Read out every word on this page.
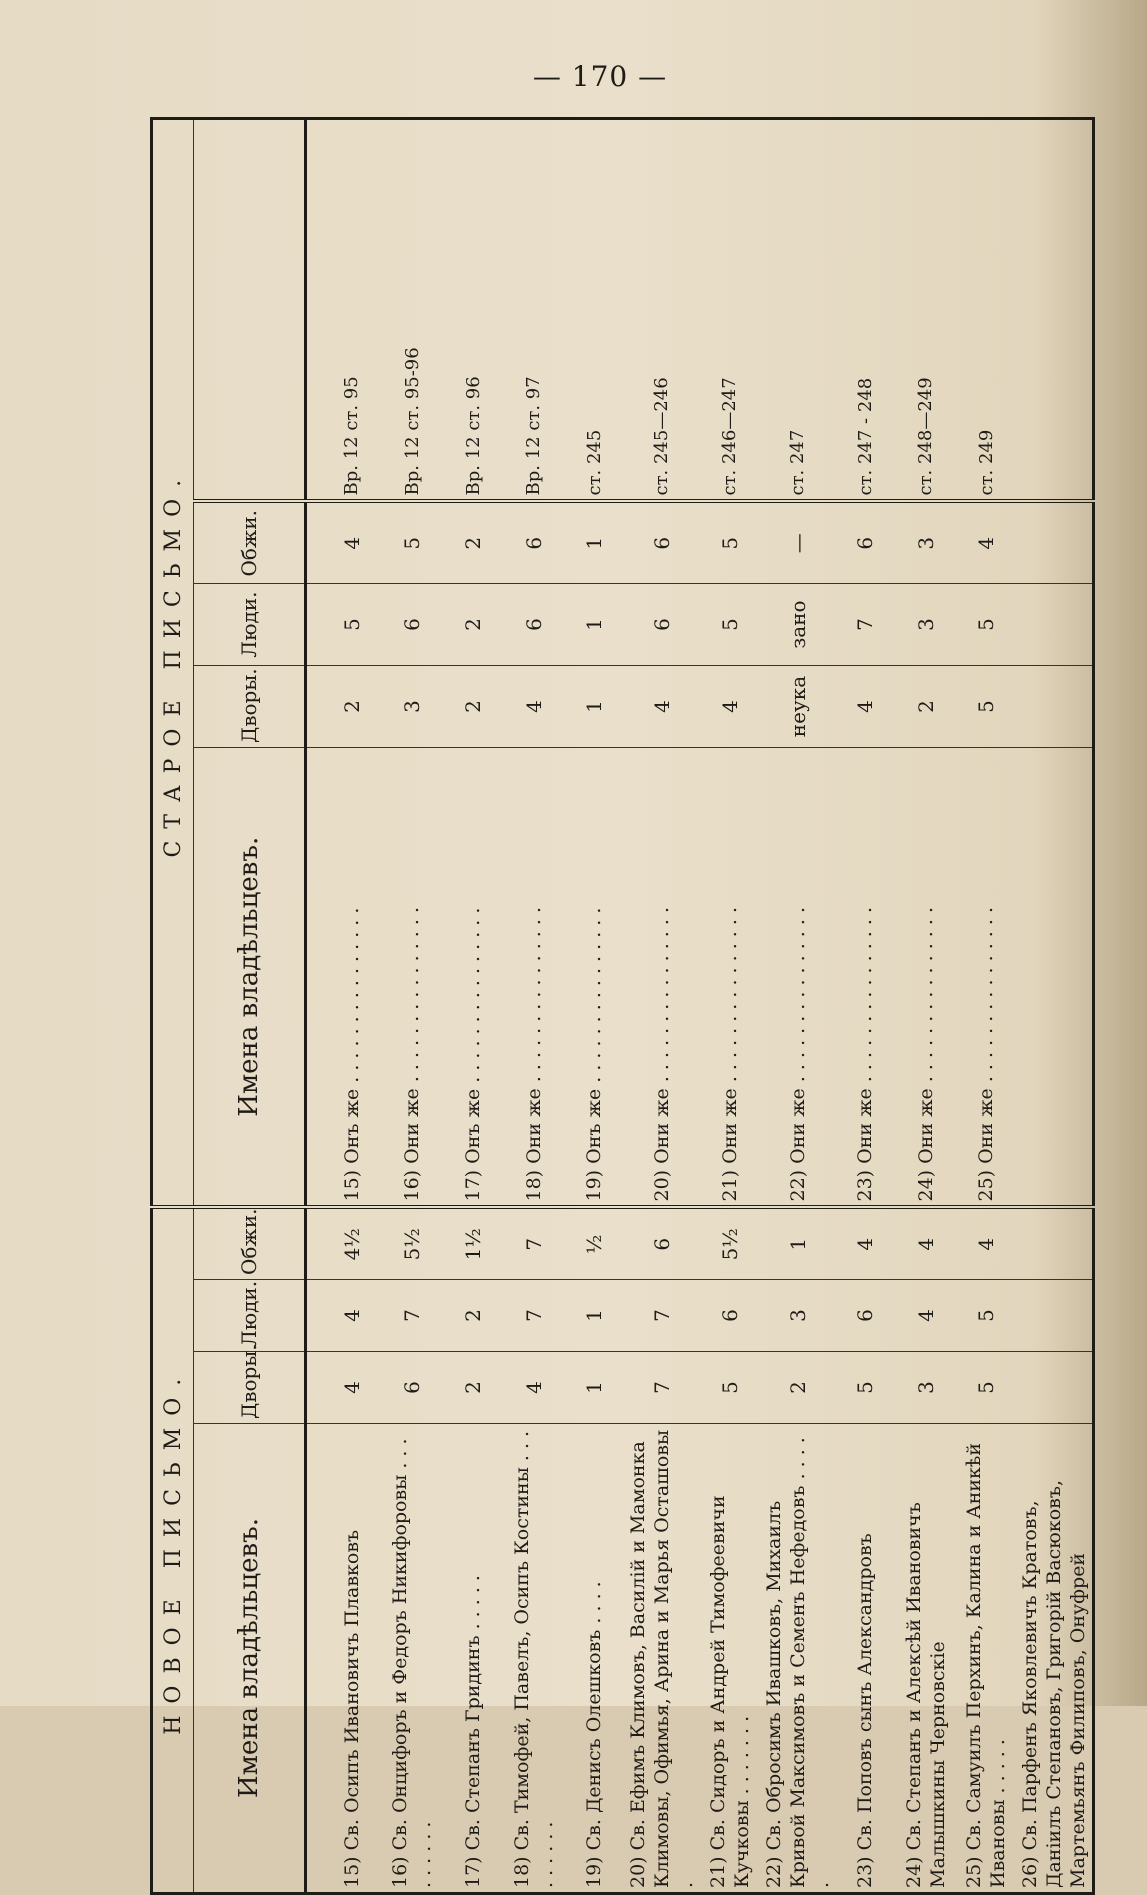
— 170 —
НОВОЕ ПИСЬМО.				СТАРОЕ ПИСЬМО.				
Имена владѣльцевъ.	Дворы.	Люди.	Обжи.	Имена владѣльцевъ.	Дворы.	Люди.	Обжи.	

15) Св. Осипъ Ивановичъ Плавковъ	4	4	4½	15) Онъ же . . . . . . . . . . . . . . .	2	5	4	Вр. 12 ст. 95
16) Св. Онцифоръ и Федоръ Никифоровы . . . . . . . . .	6	7	5½	16) Они же . . . . . . . . . . . . . . .	3	6	5	Вр. 12 ст. 95-96
17) Св. Степанъ Гридинъ . . . . .	2	2	1½	17) Онъ же . . . . . . . . . . . . . . .	2	2	2	Вр. 12 ст. 96
18) Св. Тимофей, Павелъ, Осипъ Костины . . . . . . . . .	4	7	7	18) Они же . . . . . . . . . . . . . . .	4	6	6	Вр. 12 ст. 97
19) Св. Денисъ Олешковъ . . . .	1	1	½	19) Онъ же . . . . . . . . . . . . . . .	1	1	1	ст. 245
20) Св. Ефимъ Климовъ, Василій и Мамонка Климовы, Офимья, Арина и Марья Осташовы .	7	7	6	20) Они же . . . . . . . . . . . . . . .	4	6	6	ст. 245—246
21) Св. Сидоръ и Андрей Тимофеевичи Кучковы . . . . . . .	5	6	5½	21) Они же . . . . . . . . . . . . . . .	4	5	5	ст. 246—247
22) Св. Обросимъ Ивашковъ, Михаилъ Кривой Максимовъ и Семенъ Нефедовъ . . . . .	2	3	1	22) Они же . . . . . . . . . . . . . . .	неука	зано	—	ст. 247
23) Св. Поповъ сынъ Александровъ	5	6	4	23) Они же . . . . . . . . . . . . . . .	4	7	6	ст. 247 - 248
24) Св. Степанъ и Алексѣй Ивановичъ Малышкины Черновскіе	3	4	4	24) Они же . . . . . . . . . . . . . . .	2	3	3	ст. 248—249
25) Св. Самуилъ Перхинъ, Калина и Аникѣй Ивановы . . . . .	5	5	4	25) Они же . . . . . . . . . . . . . . .	5	5	4	ст. 249
26) Св. Парфенъ Яковлевичъ Кратовъ, Даніилъ Степановъ, Григорій Васюковъ, Мартемьянъ Филиповъ, Онуфрей								
